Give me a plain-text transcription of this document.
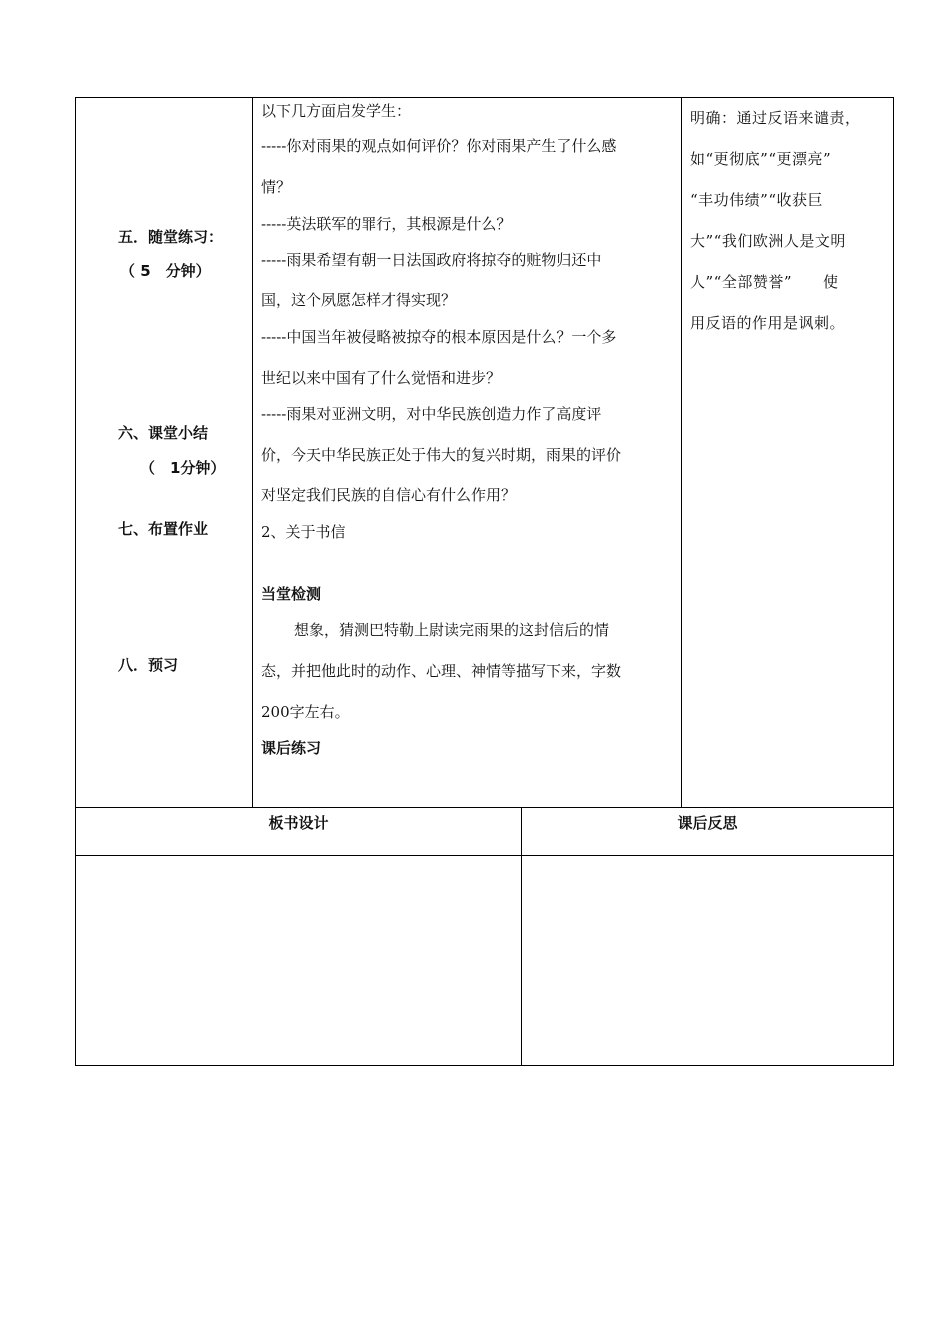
五．随堂练习：
（ 5　分钟）
六、课堂小结
（　1分钟）
七、布置作业
八．预习
以下几方面启发学生：
-----你对雨果的观点如何评价？你对雨果产生了什么感
情？
-----英法联军的罪行，其根源是什么？
-----雨果希望有朝一日法国政府将掠夺的赃物归还中
国，这个夙愿怎样才得实现？
-----中国当年被侵略被掠夺的根本原因是什么？一个多
世纪以来中国有了什么觉悟和进步？
-----雨果对亚洲文明，对中华民族创造力作了高度评
价，今天中华民族正处于伟大的复兴时期，雨果的评价
对坚定我们民族的自信心有什么作用？
2、关于书信
当堂检测
想象，猜测巴特勒上尉读完雨果的这封信后的情
态，并把他此时的动作、心理、神情等描写下来，字数
200字左右。
课后练习

明确：通过反语来谴责，

如“更彻底”“更漂亮”

“丰功伟绩”“收获巨

大”“我们欧洲人是文明

人”“全部赞誉”　　使

用反语的作用是讽刺。

板书设计	课后反思
